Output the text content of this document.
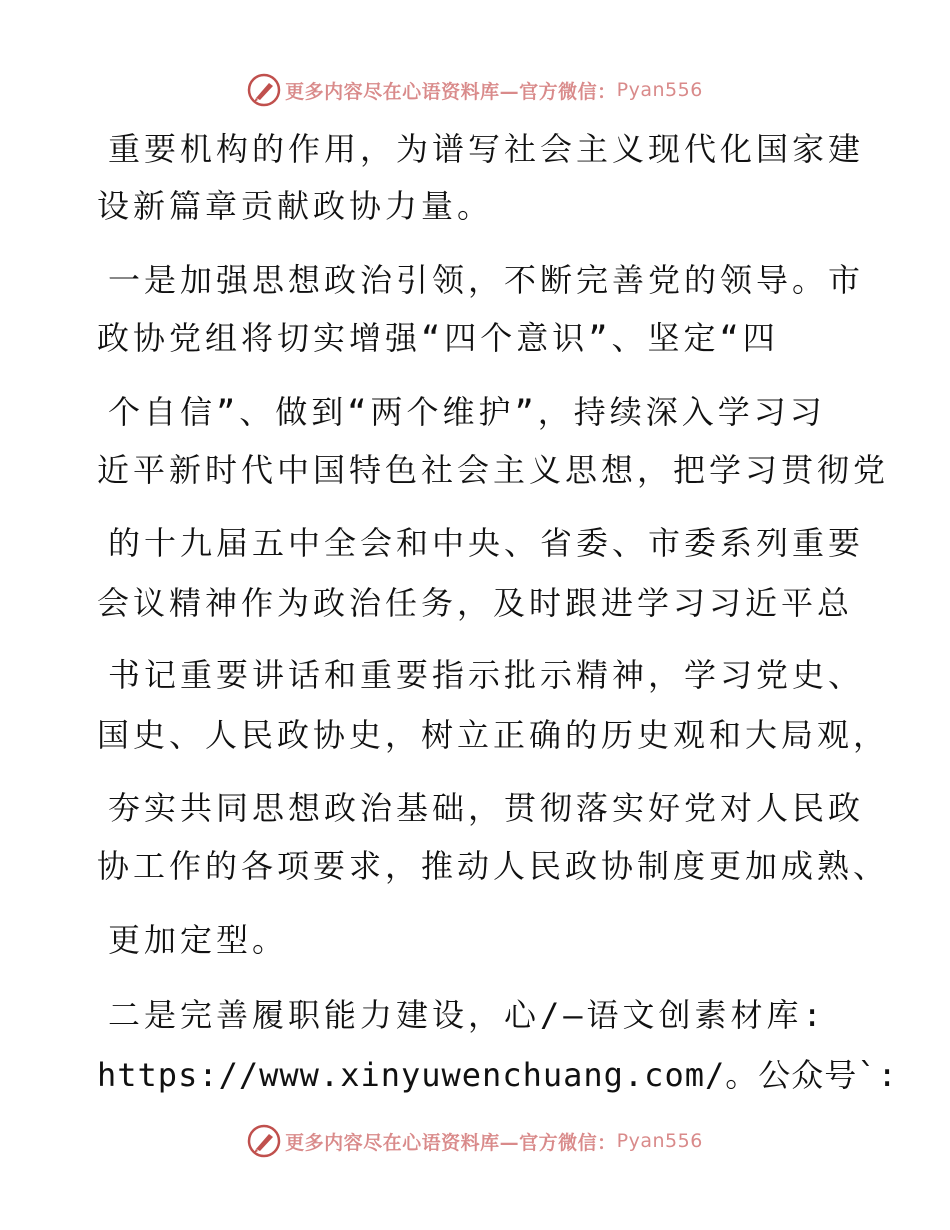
更多内容尽在心语资料库—官方微信： Pyan556
重要机构的作用，为谱写社会主义现代化国家建
设新篇章贡献政协力量。
一是加强思想政治引领，不断完善党的领导。市
政协党组将切实增强“四个意识”、坚定“四
个自信”、做到“两个维护”，持续深入学习习
近平新时代中国特色社会主义思想，把学习贯彻党
的十九届五中全会和中央、省委、市委系列重要
会议精神作为政治任务，及时跟进学习习近平总
书记重要讲话和重要指示批示精神，学习党史、
国史、人民政协史，树立正确的历史观和大局观，
夯实共同思想政治基础，贯彻落实好党对人民政
协工作的各项要求，推动人民政协制度更加成熟、
更加定型。
二是完善履职能力建设，心/—语文创素材库:
https://www.xinyuwenchuang.com/。公众号`:
更多内容尽在心语资料库—官方微信： Pyan556
